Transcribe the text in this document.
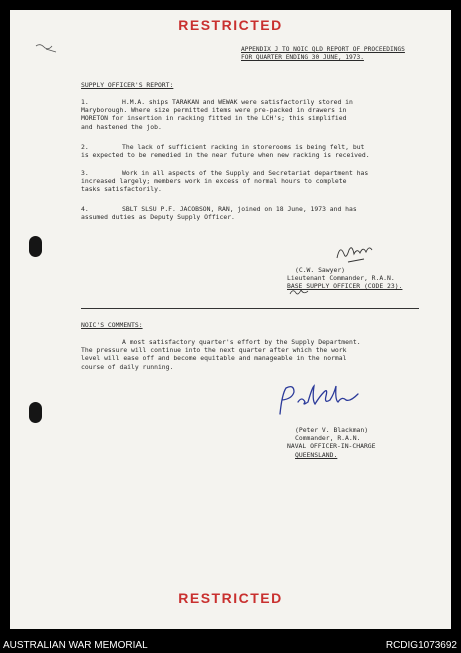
RESTRICTED
APPENDIX J TO NOIC QLD REPORT OF PROCEEDINGS
FOR QUARTER ENDING 30 JUNE, 1973.
SUPPLY OFFICER'S REPORT:
1.	H.M.A. ships TARAKAN and WEWAK were satisfactorily stored in
Maryborough. Where size permitted items were pre-packed in drawers in
MORETON for insertion in racking fitted in the LCH's; this simplified
and hastened the job.
2.	The lack of sufficient racking in storerooms is being felt, but
is expected to be remedied in the near future when new racking is received.
3.	Work in all aspects of the Supply and Secretariat department has
increased largely; members work in excess of normal hours to complete
tasks satisfactorily.
4.	SBLT SLSU P.F. JACOBSON, RAN, joined on 18 June, 1973 and has
assumed duties as Deputy Supply Officer.
(C.W. Sawyer)
Lieutenant Commander, R.A.N.
BASE SUPPLY OFFICER (CODE 23).
NOIC'S COMMENTS:
A most satisfactory quarter's effort by the Supply Department.
The pressure will continue into the next quarter after which the work
level will ease off and become equitable and manageable in the normal
course of daily running.
(Peter V. Blackman)
Commander, R.A.N.
NAVAL OFFICER-IN-CHARGE
QUEENSLAND.
RESTRICTED
AUSTRALIAN WAR MEMORIAL	RCDIG1073692
